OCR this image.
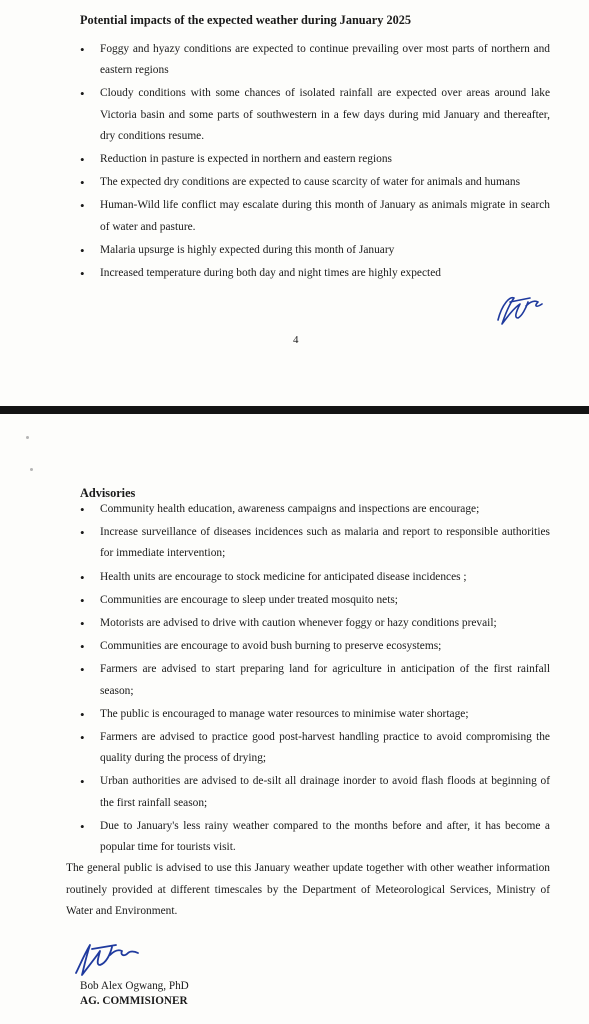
Potential impacts of the expected weather during January 2025
• Foggy and hyazy conditions are expected to continue prevailing over most parts of northern and eastern regions
• Cloudy conditions with some chances of isolated rainfall are expected over areas around lake Victoria basin and some parts of southwestern in a few days during mid January and thereafter, dry conditions resume.
• Reduction in pasture is expected in northern and eastern regions
• The expected dry conditions are expected to cause scarcity of water for animals and humans
• Human-Wild life conflict may escalate during this month of January as animals migrate in search of water and pasture.
• Malaria upsurge is highly expected during this month of January
• Increased temperature during both day and night times are highly expected
4
Advisories
• Community health education, awareness campaigns and inspections are encourage;
• Increase surveillance of diseases incidences such as malaria and report to responsible authorities for immediate intervention;
• Health units are encourage to stock medicine for anticipated disease incidences ;
• Communities are encourage to sleep under treated mosquito nets;
• Motorists are advised to drive with caution whenever foggy or hazy conditions prevail;
• Communities are encourage to avoid bush burning to preserve ecosystems;
• Farmers are advised to start preparing land for agriculture in anticipation of the first rainfall season;
• The public is encouraged to manage water resources to minimise water shortage;
• Farmers are advised to practice good post-harvest handling practice to avoid compromising the quality during the process of drying;
• Urban authorities are advised to de-silt all drainage inorder to avoid flash floods at beginning of the first rainfall season;
• Due to January's less rainy weather compared to the months before and after, it has become a popular time for tourists visit.

The general public is advised to use this January weather update together with other weather information routinely provided at different timescales by the Department of Meteorological Services, Ministry of Water and Environment.

Bob Alex Ogwang, PhD

AG. COMMISIONER
